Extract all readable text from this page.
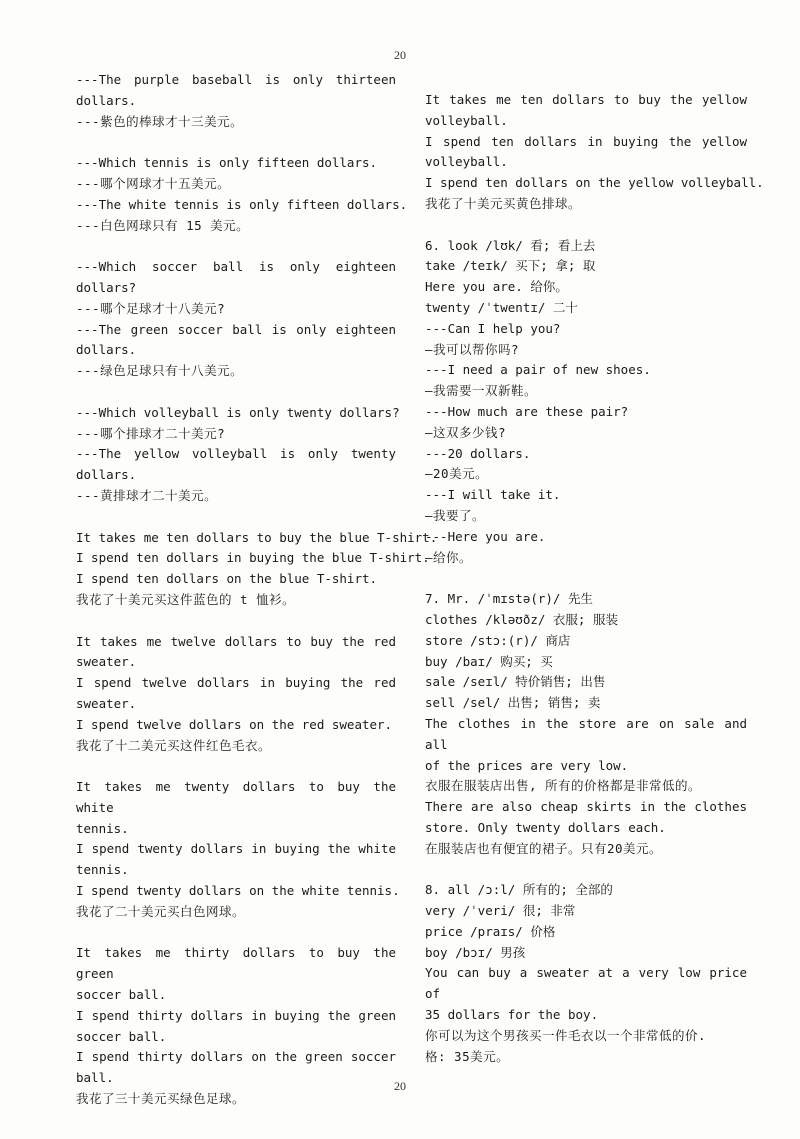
20
---The purple baseball is only thirteen
dollars.
---紫色的棒球才十三美元。
---Which tennis is only fifteen dollars.
---哪个网球才十五美元。
---The white tennis is only fifteen dollars.
---白色网球只有 15 美元。
---Which soccer ball is only eighteen
dollars?
---哪个足球才十八美元?
---The green soccer ball is only eighteen
dollars.
---绿色足球只有十八美元。
---Which volleyball is only twenty dollars?
---哪个排球才二十美元?
---The yellow volleyball is only twenty
dollars.
---黄排球才二十美元。
It takes me ten dollars to buy the blue T-shirt.
I spend ten dollars in buying the blue T-shirt.
I spend ten dollars on the blue T-shirt.
我花了十美元买这件蓝色的 t 恤衫。
It takes me twelve dollars to buy the red
sweater.
I spend twelve dollars in buying the red
sweater.
I spend twelve dollars on the red sweater.
我花了十二美元买这件红色毛衣。
It takes me twenty dollars to buy the white
tennis.
I spend twenty dollars in buying the white
tennis.
I spend twenty dollars on the white tennis.
我花了二十美元买白色网球。
It takes me thirty dollars to buy the green
soccer ball.
I spend thirty dollars in buying the green
soccer ball.
I spend thirty dollars on the green soccer
ball.
我花了三十美元买绿色足球。
It takes me ten dollars to buy the yellow
volleyball.
I spend ten dollars in buying the yellow
volleyball.
I spend ten dollars on the yellow volleyball.
我花了十美元买黄色排球。
6. look /lʊk/ 看; 看上去
take /teɪk/ 买下; 拿; 取
Here you are. 给你。
twenty /ˈtwentɪ/ 二十
---Can I help you?
—我可以帮你吗?
---I need a pair of new shoes.
—我需要一双新鞋。
---How much are these pair?
—这双多少钱?
---20 dollars.
—20美元。
---I will take it.
—我要了。
---Here you are.
—给你。
7. Mr. /ˈmɪstə(r)/ 先生
clothes /kləʊðz/ 衣服; 服装
store /stɔ:(r)/ 商店
buy /baɪ/ 购买; 买
sale /seɪl/ 特价销售; 出售
sell /sel/ 出售; 销售; 卖
The clothes in the store are on sale and all
of the prices are very low.
衣服在服装店出售, 所有的价格都是非常低的。
There are also cheap skirts in the clothes
store. Only twenty dollars each.
在服装店也有便宜的裙子。只有20美元。
8. all /ɔ:l/ 所有的; 全部的
very /ˈveri/ 很; 非常
price /praɪs/ 价格
boy /bɔɪ/ 男孩
You can buy a sweater at a very low price of
35 dollars for the boy.
你可以为这个男孩买一件毛衣以一个非常低的价.
格: 35美元。
20
